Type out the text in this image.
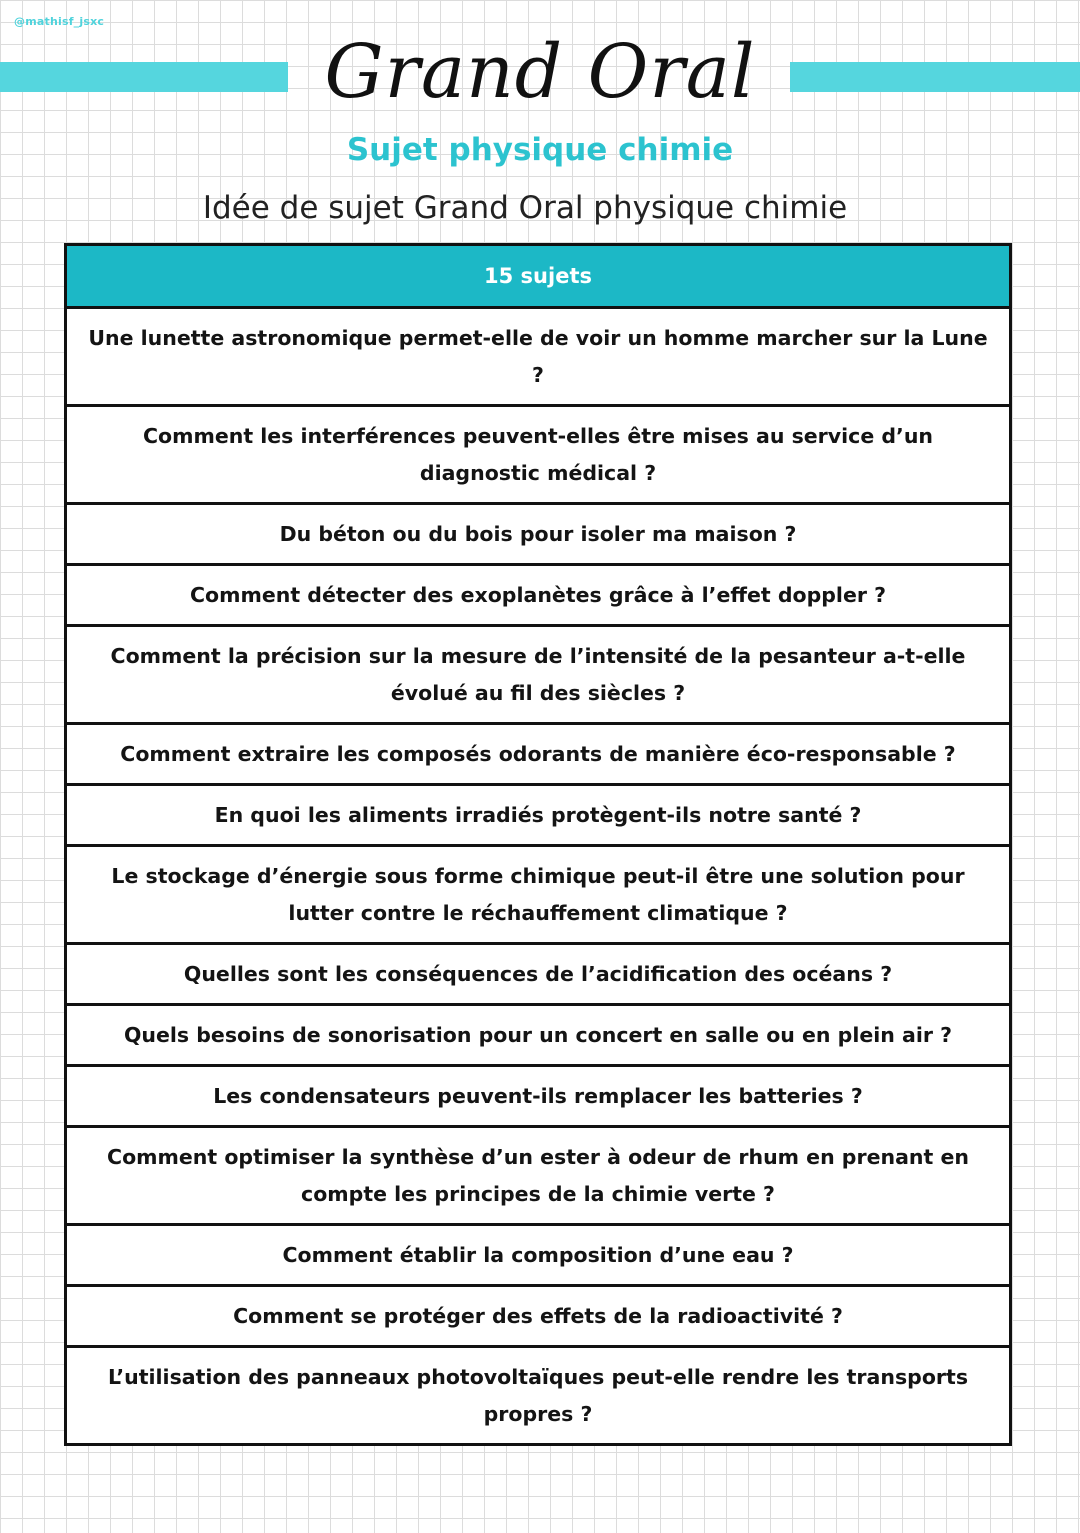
@mathisf_jsxc
Grand Oral
Sujet physique chimie
Idée de sujet Grand Oral physique chimie
15 sujets
Une lunette astronomique permet-elle de voir un homme marcher sur la Lune ?
Comment les interférences peuvent-elles être mises au service d’un diagnostic médical ?
Du béton ou du bois pour isoler ma maison ?
Comment détecter des exoplanètes grâce à l’effet doppler ?
Comment la précision sur la mesure de l’intensité de la pesanteur a-t-elle évolué au fil des siècles ?
Comment extraire les composés odorants de manière éco-responsable ?
En quoi les aliments irradiés protègent-ils notre santé ?
Le stockage d’énergie sous forme chimique peut-il être une solution pour lutter contre le réchauffement climatique ?
Quelles sont les conséquences de l’acidification des océans ?
Quels besoins de sonorisation pour un concert en salle ou en plein air ?
Les condensateurs peuvent-ils remplacer les batteries ?
Comment optimiser la synthèse d’un ester à odeur de rhum en prenant en compte les principes de la chimie verte ?
Comment établir la composition d’une eau ?
Comment se protéger des effets de la radioactivité ?
L’utilisation des panneaux photovoltaïques peut-elle rendre les transports propres ?
